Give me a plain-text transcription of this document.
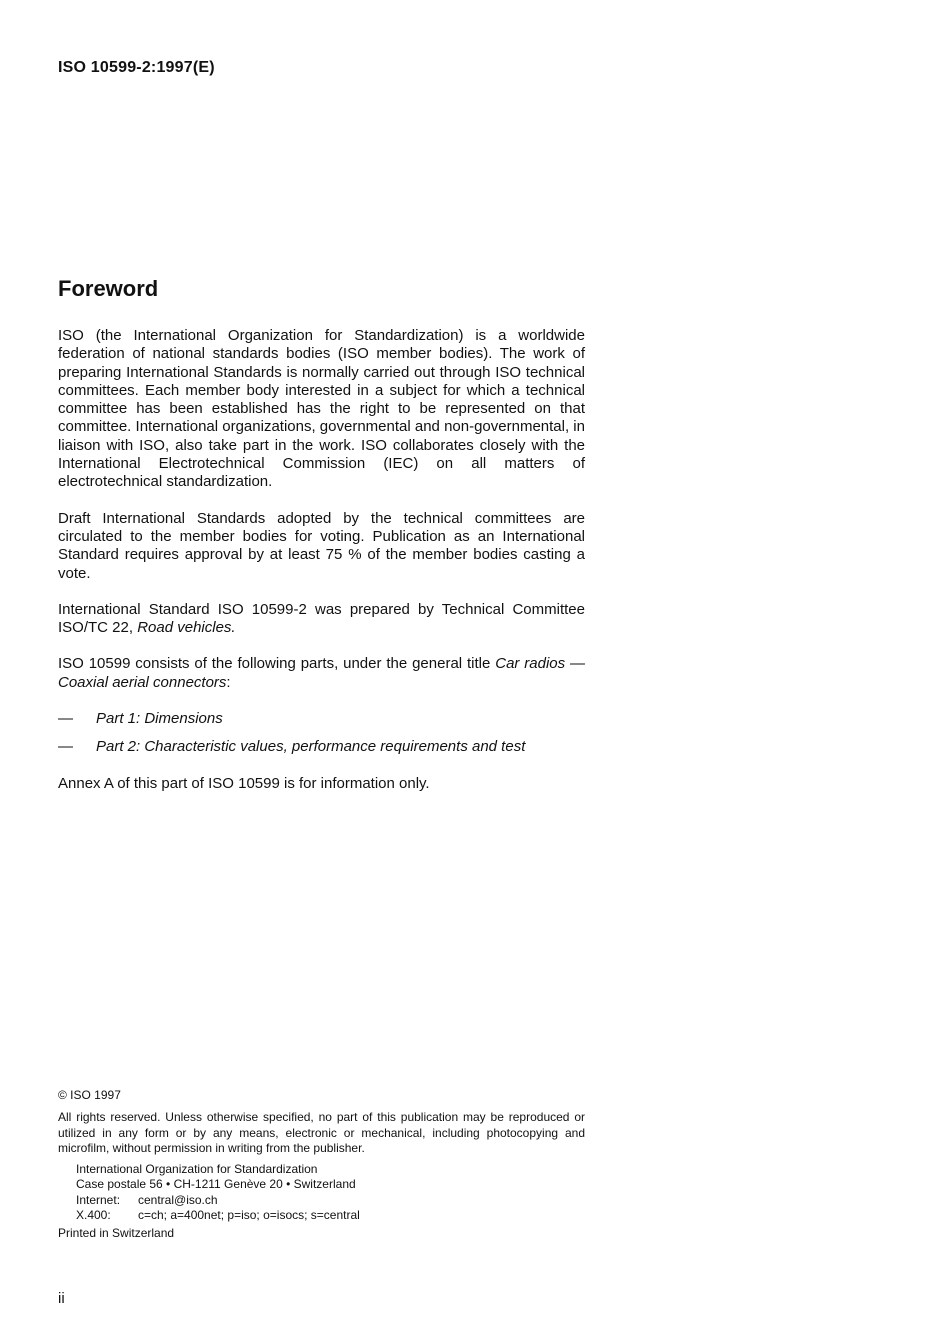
ISO 10599-2:1997(E)
Foreword

ISO (the International Organization for Standardization) is a worldwide federation of national standards bodies (ISO member bodies). The work of preparing International Standards is normally carried out through ISO technical committees. Each member body interested in a subject for which a technical committee has been established has the right to be represented on that committee. International organizations, governmental and non-governmental, in liaison with ISO, also take part in the work. ISO collaborates closely with the International Electrotechnical Commission (IEC) on all matters of electrotechnical standardization.

Draft International Standards adopted by the technical committees are circulated to the member bodies for voting. Publication as an International Standard requires approval by at least 75 % of the member bodies casting a vote.

International Standard ISO 10599-2 was prepared by Technical Committee ISO/TC 22, Road vehicles.

ISO 10599 consists of the following parts, under the general title Car radios — Coaxial aerial connectors:

—	Part 1: Dimensions
—	Part 2: Characteristic values, performance requirements and test

Annex A of this part of ISO 10599 is for information only.

© ISO 1997
All rights reserved. Unless otherwise specified, no part of this publication may be reproduced or utilized in any form or by any means, electronic or mechanical, including photocopying and microfilm, without permission in writing from the publisher.
International Organization for Standardization
Case postale 56 • CH-1211 Genève 20 • Switzerland
Internet: central@iso.ch
X.400: c=ch; a=400net; p=iso; o=isocs; s=central
Printed in Switzerland
ii
